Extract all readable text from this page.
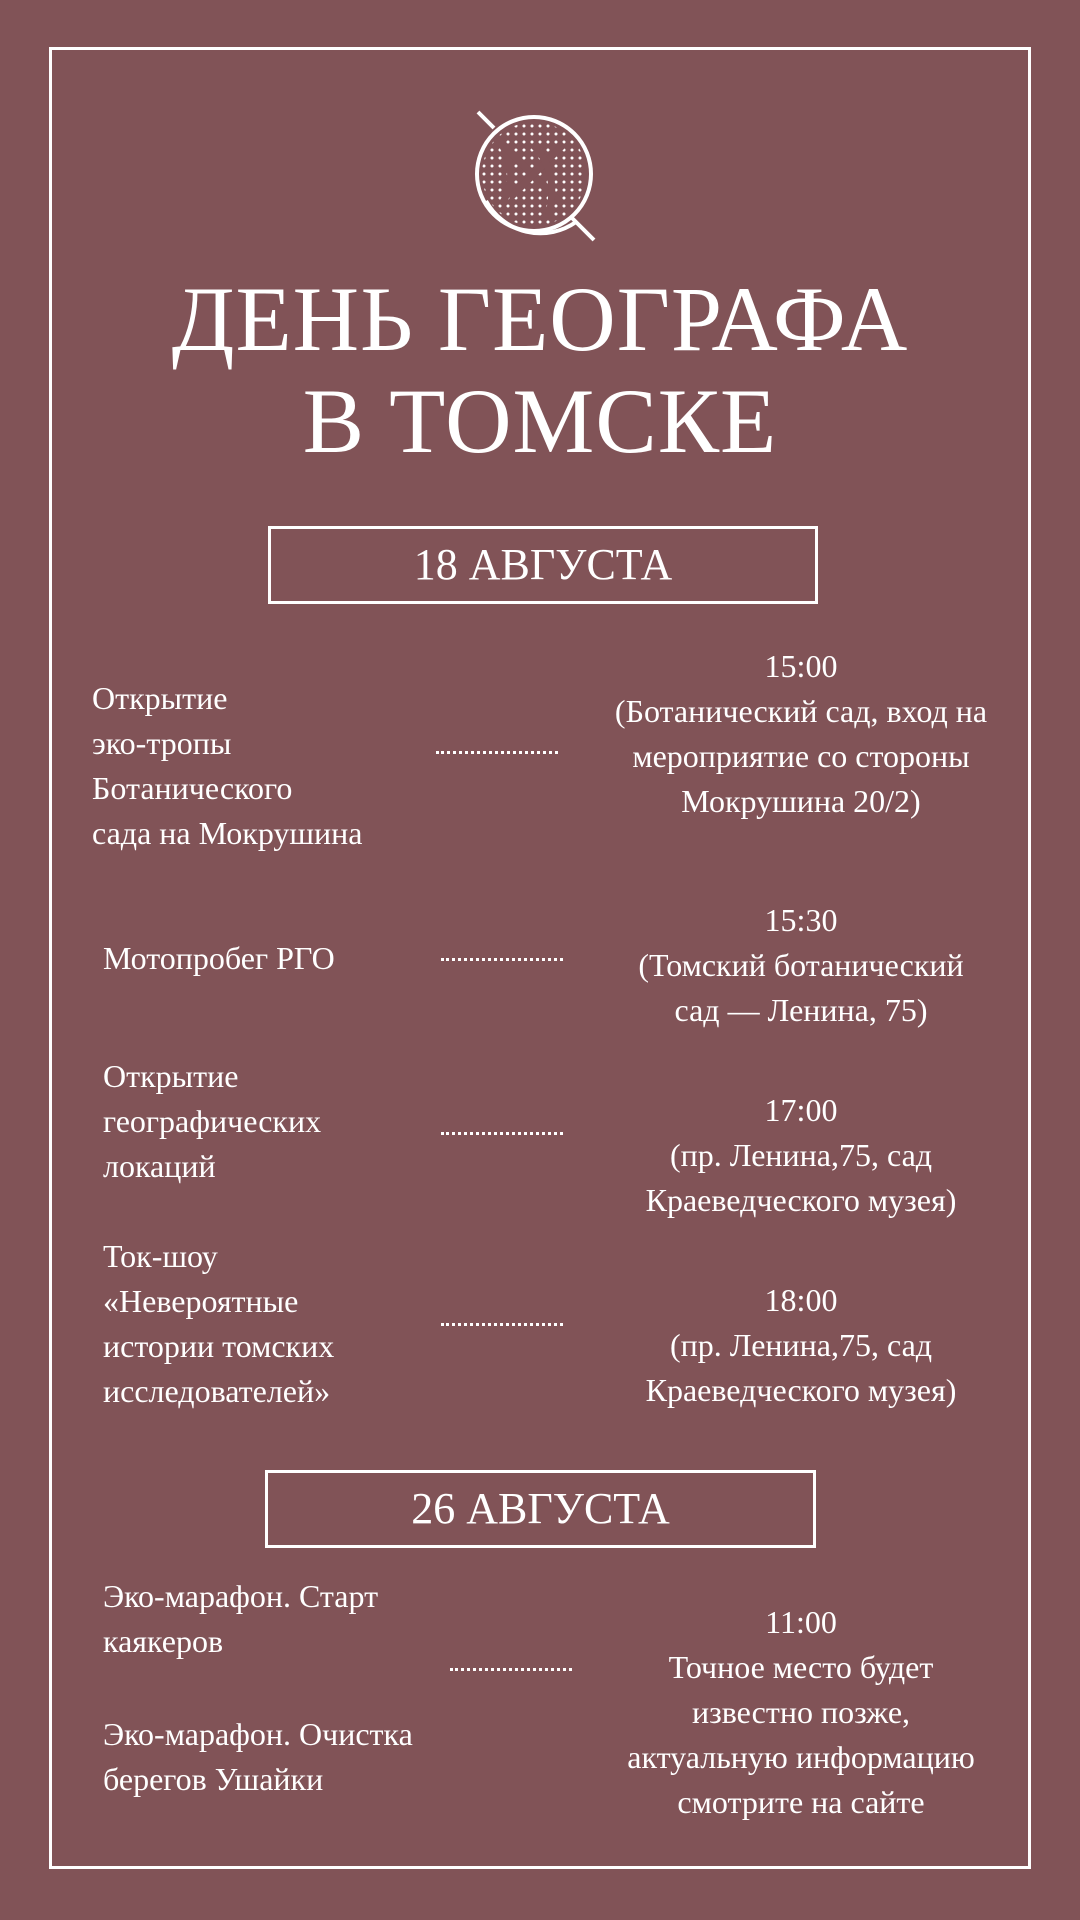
ДЕНЬ ГЕОГРАФА
В ТОМСКЕ
18 АВГУСТА
Открытие
эко-тропы
Ботанического
сада на Мокрушина
15:00
(Ботанический сад, вход на
мероприятие со стороны
Мокрушина 20/2)
Мотопробег РГО
15:30
(Томский ботанический
сад — Ленина, 75)
Открытие
географических
локаций
17:00
(пр. Ленина,75, сад
Краеведческого музея)
Ток-шоу
«Невероятные
истории томских
исследователей»
18:00
(пр. Ленина,75, сад
Краеведческого музея)
26 АВГУСТА
Эко-марафон. Старт
каякеров
Эко-марафон. Очистка
берегов Ушайки
11:00
Точное место будет
известно позже,
актуальную информацию
смотрите на сайте
